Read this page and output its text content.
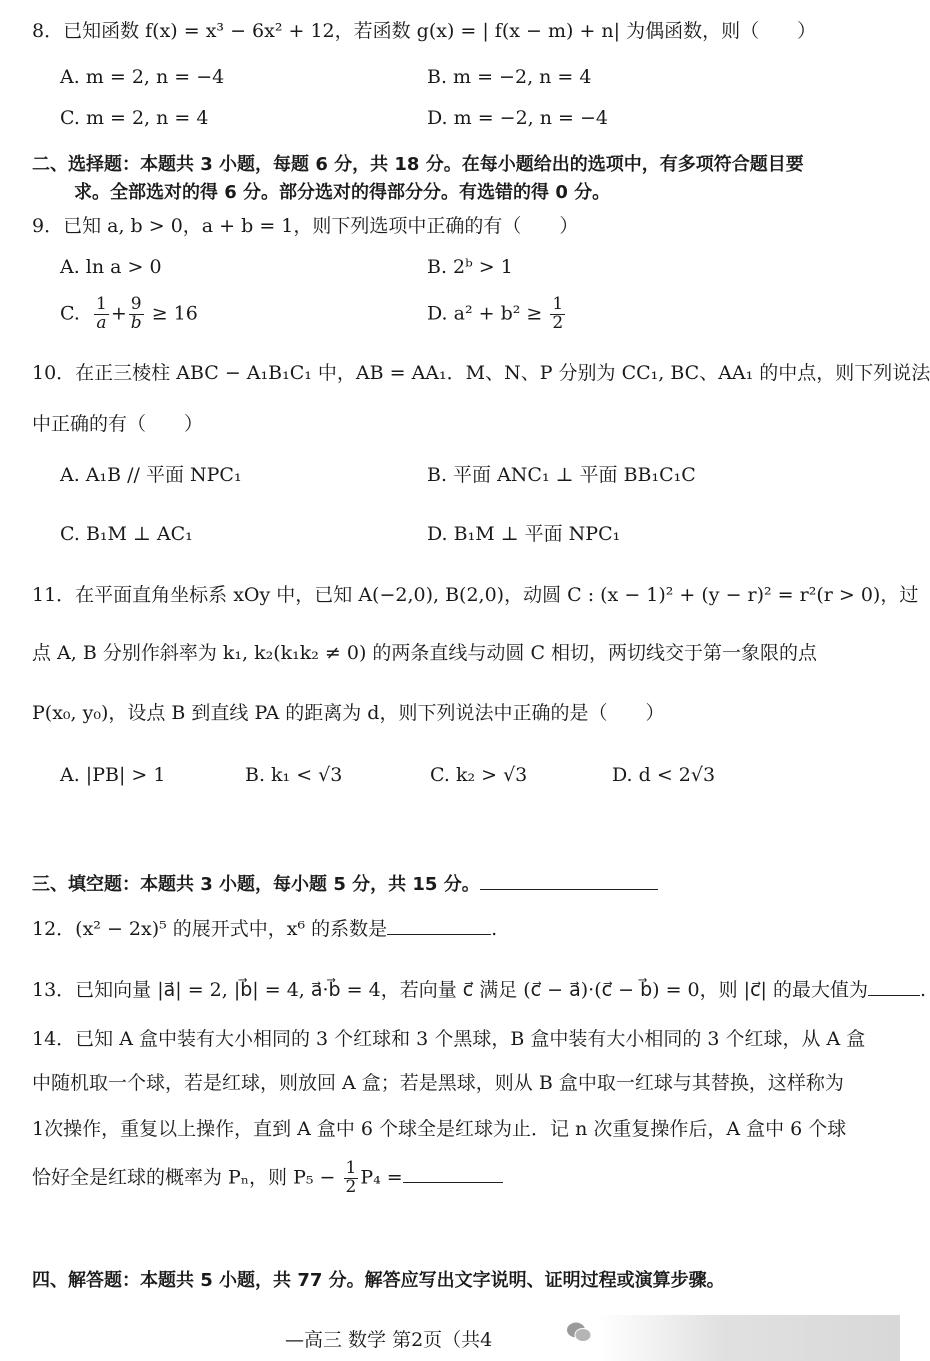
8．已知函数 f(x) = x³ − 6x² + 12，若函数 g(x) = | f(x − m) + n| 为偶函数，则（　　）
A. m = 2, n = −4	B. m = −2, n = 4
C. m = 2, n = 4	D. m = −2, n = −4
二、选择题：本题共 3 小题，每题 6 分，共 18 分。在每小题给出的选项中，有多项符合题目要
求。全部选对的得 6 分。部分选对的得部分分。有选错的得 0 分。
9．已知 a, b > 0，a + b = 1，则下列选项中正确的有（　　）
A. ln a > 0	B. 2ᵇ > 1
C. $\frac{1}{a} + \frac{9}{b} \ge 16$	D. $a^2 + b^2 \ge \frac{1}{2}$
10．在正三棱柱 ABC − A₁B₁C₁ 中，AB = AA₁．M、N、P 分别为 CC₁, BC、AA₁ 的中点，则下列说法
中正确的有（　　）
A. A₁B // 平面 NPC₁	B. 平面 ANC₁ ⊥ 平面 BB₁C₁C
C. B₁M ⊥ AC₁	D. B₁M ⊥ 平面 NPC₁
11．在平面直角坐标系 xOy 中，已知 A(−2,0), B(2,0)，动圆 C : (x − 1)² + (y − r)² = r²(r > 0)，过
点 A, B 分别作斜率为 k₁, k₂(k₁k₂ ≠ 0) 的两条直线与动圆 C 相切，两切线交于第一象限的点
P(x₀, y₀)，设点 B 到直线 PA 的距离为 d，则下列说法中正确的是（　　）
A. |PB| > 1	B. k₁ < √3	C. k₂ > √3	D. d < 2√3
三、填空题：本题共 3 小题，每小题 5 分，共 15 分。
12．(x² − 2x)⁵ 的展开式中，x⁶ 的系数是	.
13．已知向量 |a⃗| = 2, |b⃗| = 4, a⃗·b⃗ = 4，若向量 c⃗ 满足 (c⃗ − a⃗)·(c⃗ − b⃗) = 0，则 |c⃗| 的最大值为	.
14．已知 A 盒中装有大小相同的 3 个红球和 3 个黑球，B 盒中装有大小相同的 3 个红球，从 A 盒
中随机取一个球，若是红球，则放回 A 盒；若是黑球，则从 B 盒中取一红球与其替换，这样称为
1次操作，重复以上操作，直到 A 盒中 6 个球全是红球为止．记 n 次重复操作后，A 盒中 6 个球
恰好全是红球的概率为 Pₙ，则 $P_5 - \frac{1}{2} P_4$ =
四、解答题：本题共 5 小题，共 77 分。解答应写出文字说明、证明过程或演算步骤。
—高三 数学 第2页（共4
